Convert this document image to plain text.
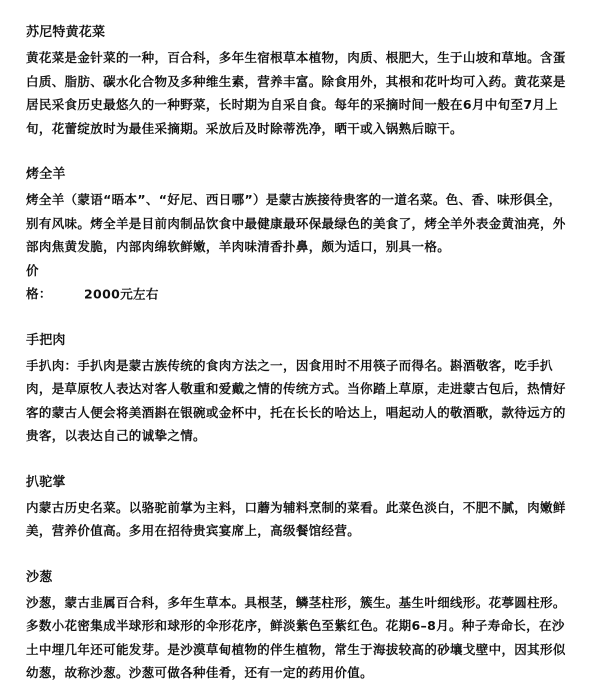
苏尼特黄花菜

黄花菜是金针菜的一种，百合科，多年生宿根草本植物，肉质、根肥大，生于山坡和草地。含蛋白质、脂肪、碳水化合物及多种维生素，营养丰富。除食用外，其根和花叶均可入药。黄花菜是居民采食历史最悠久的一种野菜，长时期为自采自食。每年的采摘时间一般在6月中旬至7月上旬，花蕾绽放时为最佳采摘期。采放后及时除蒂洗净，晒干或入锅熟后晾干。

烤全羊

烤全羊（蒙语“晤本”、“好尼、西日哪”）是蒙古族接待贵客的一道名菜。色、香、味形俱全，别有风味。烤全羊是目前肉制品饮食中最健康最环保最绿色的美食了，烤全羊外表金黄油亮，外部肉焦黄发脆，内部肉绵软鲜嫩，羊肉味清香扑鼻，颇为适口，别具一格。

价　　格：	2000元左右

手把肉

手扒肉：手扒肉是蒙古族传统的食肉方法之一，因食用时不用筷子而得名。斟酒敬客，吃手扒肉，是草原牧人表达对客人敬重和爱戴之情的传统方式。当你踏上草原，走进蒙古包后，热情好客的蒙古人便会将美酒斟在银碗或金杯中，托在长长的哈达上，唱起动人的敬酒歌，款待远方的贵客，以表达自己的诚挚之情。

扒驼掌

内蒙古历史名菜。以骆驼前掌为主料，口蘑为辅料烹制的菜看。此菜色淡白，不肥不腻，肉嫩鲜美，营养价值高。多用在招待贵宾宴席上，高级餐馆经营。

沙葱

沙葱，蒙古韭属百合科，多年生草本。具根茎，鳞茎柱形，簇生。基生叶细线形。花葶圆柱形。多数小花密集成半球形和球形的伞形花序，鲜淡紫色至紫红色。花期6–8月。种子寿命长，在沙土中埋几年还可能发芽。是沙漠草甸植物的伴生植物，常生于海拔较高的砂壤戈壁中，因其形似幼葱，故称沙葱。沙葱可做各种佳肴，还有一定的药用价值。
